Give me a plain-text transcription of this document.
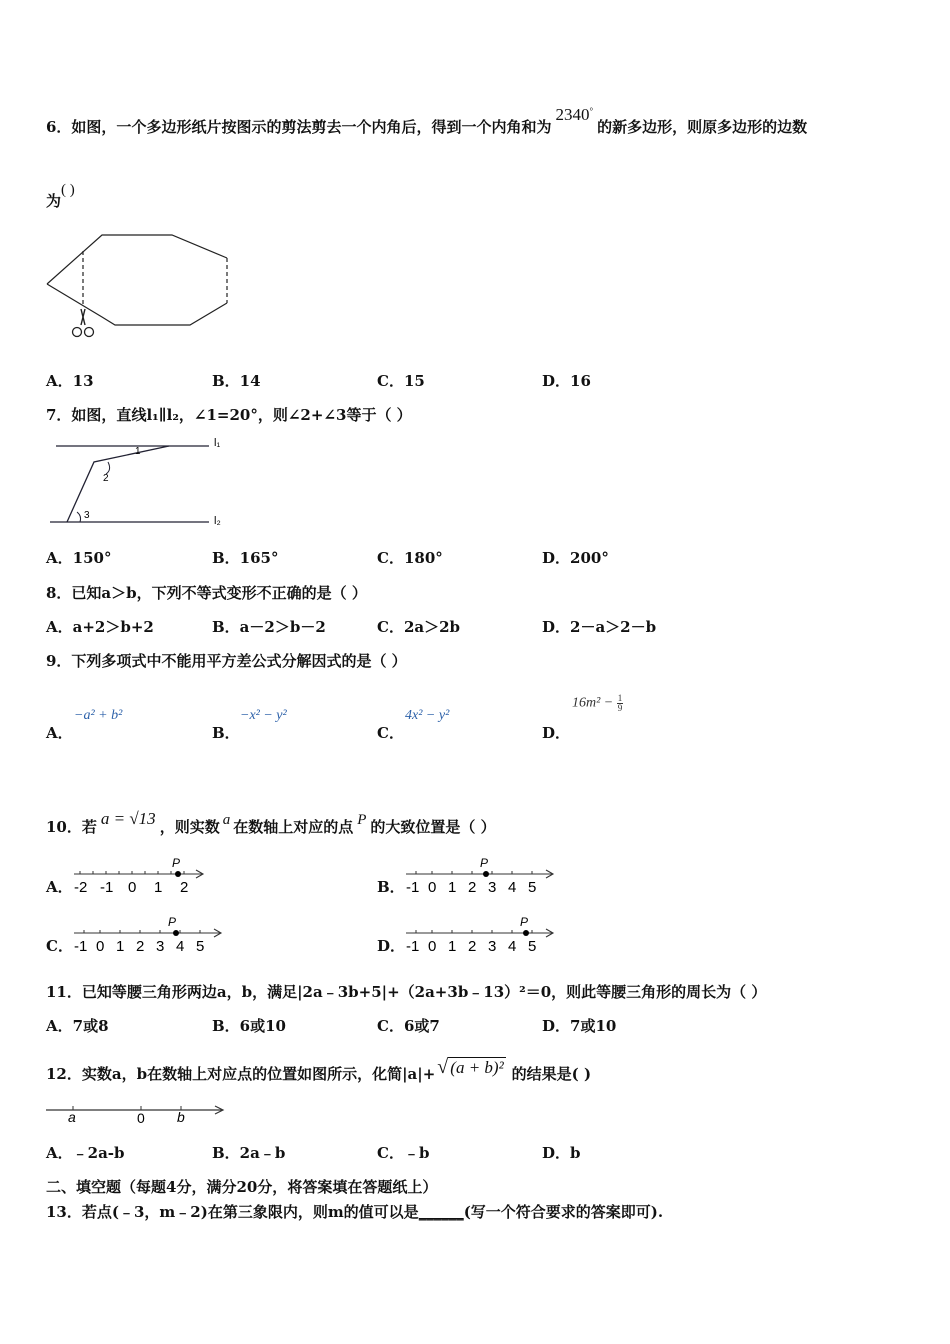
6．如图，一个多边形纸片按图示的剪法剪去一个内角后，得到一个内角和为2340°的新多边形，则原多边形的边数
为( )
A．13	B．14	C．15	D．16
7．如图，直线l₁∥l₂，∠1=20°，则∠2+∠3等于（ ）
l₁
l₂
1
2
3
A．150°	B．165°	C．180°	D．200°
8．已知a＞b，下列不等式变形不正确的是（ ）
A．a+2＞b+2	B．a－2＞b－2	C．2a＞2b	D．2－a＞2－b
9．下列多项式中不能用平方差公式分解因式的是（ ）
A．
−a² + b²
B．
−x² − y²
C．
4x² − y²
D．
$16m^2 - \frac{1}{9}$
10．若 a = √13 ，则实数 a 在数轴上对应的点 P 的大致位置是（ ）
A．
P
-2 -1 0 1 2	B．
P
-1 0 1 2 3 4 5
C．
P
-1 0 1 2 3 4 5	D．
P
-1 0 1 2 3 4 5
11．已知等腰三角形两边a，b，满足|2a﹣3b+5|+（2a+3b﹣13）²＝0，则此等腰三角形的周长为（ ）
A．7或8	B．6或10	C．6或7	D．7或10
12．实数a，b在数轴上对应点的位置如图所示，化简|a|+ √ (a + b)² 的结果是( )
a	0 b
A．﹣2a-b	B．2a﹣b	C．﹣b	D．b
二、填空题（每题4分，满分20分，将答案填在答题纸上）
13．若点(﹣3，m﹣2)在第三象限内，则m的值可以是______(写一个符合要求的答案即可).
